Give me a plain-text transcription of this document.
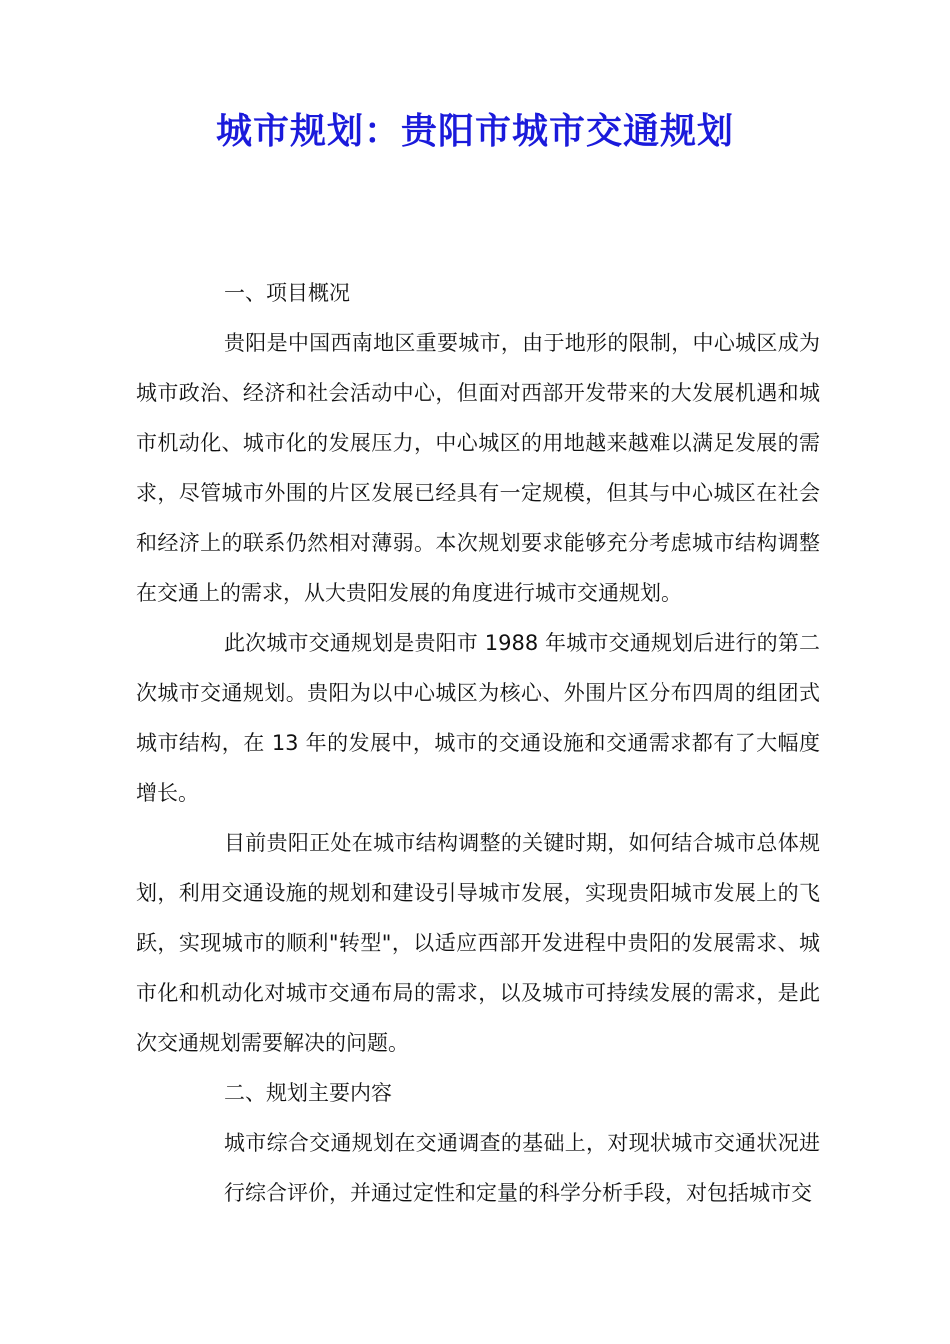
城市规划：贵阳市城市交通规划

一、项目概况

贵阳是中国西南地区重要城市，由于地形的限制，中心城区成为城市政治、经济和社会活动中心，但面对西部开发带来的大发展机遇和城市机动化、城市化的发展压力，中心城区的用地越来越难以满足发展的需求，尽管城市外围的片区发展已经具有一定规模，但其与中心城区在社会和经济上的联系仍然相对薄弱。本次规划要求能够充分考虑城市结构调整在交通上的需求，从大贵阳发展的角度进行城市交通规划。

此次城市交通规划是贵阳市 1988 年城市交通规划后进行的第二次城市交通规划。贵阳为以中心城区为核心、外围片区分布四周的组团式城市结构，在 13 年的发展中，城市的交通设施和交通需求都有了大幅度增长。

目前贵阳正处在城市结构调整的关键时期，如何结合城市总体规划，利用交通设施的规划和建设引导城市发展，实现贵阳城市发展上的飞跃，实现城市的顺利"转型"，以适应西部开发进程中贵阳的发展需求、城市化和机动化对城市交通布局的需求，以及城市可持续发展的需求，是此次交通规划需要解决的问题。

二、规划主要内容

城市综合交通规划在交通调查的基础上，对现状城市交通状况进行综合评价，并通过定性和定量的科学分析手段，对包括城市交
